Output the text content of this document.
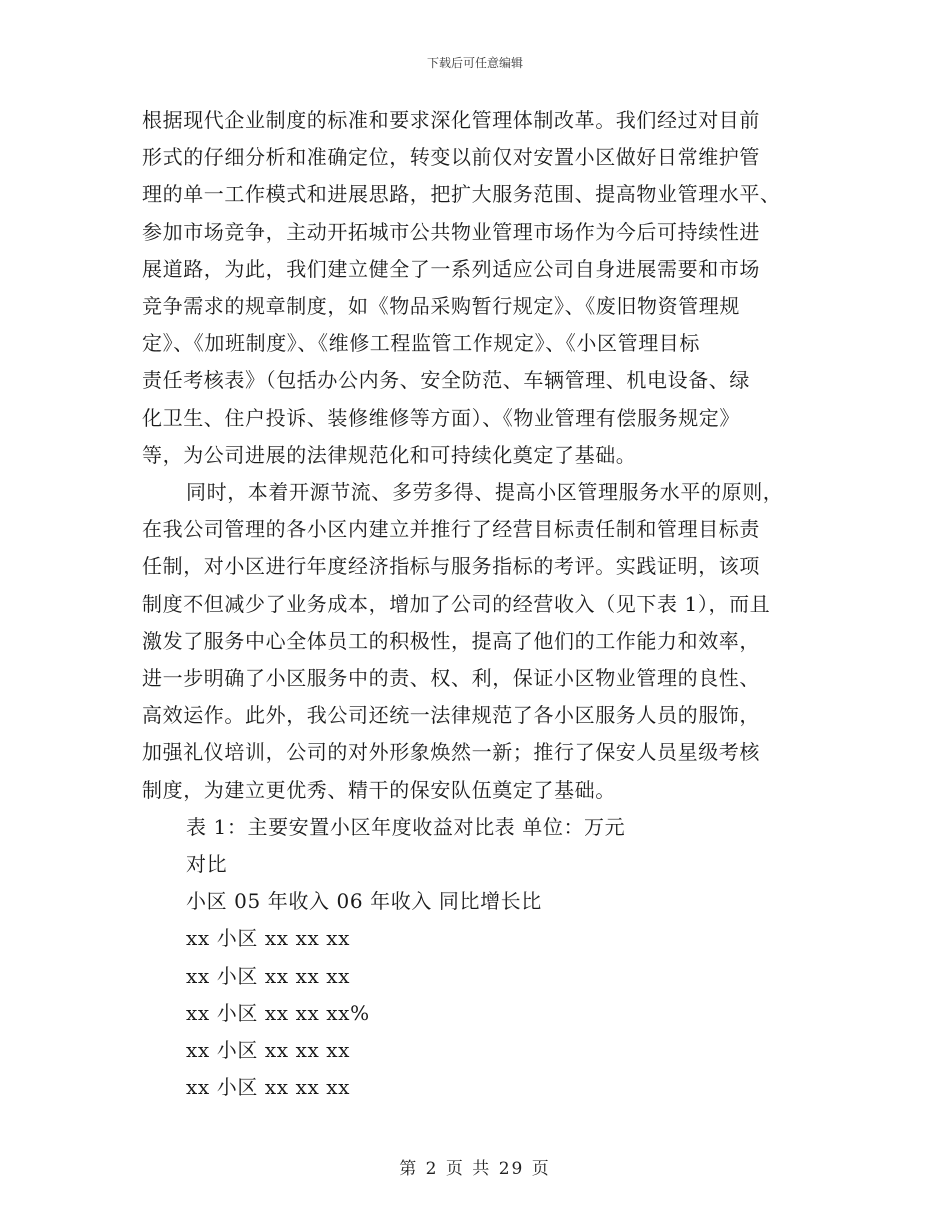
下载后可任意编辑

根据现代企业制度的标准和要求深化管理体制改革。我们经过对目前
形式的仔细分析和准确定位，转变以前仅对安置小区做好日常维护管
理的单一工作模式和进展思路，把扩大服务范围、提高物业管理水平、
参加市场竞争，主动开拓城市公共物业管理市场作为今后可持续性进
展道路，为此，我们建立健全了一系列适应公司自身进展需要和市场
竞争需求的规章制度，如《物品采购暂行规定》、《废旧物资管理规
定》、《加班制度》、《维修工程监管工作规定》、《小区管理目标
责任考核表》（包括办公内务、安全防范、车辆管理、机电设备、绿
化卫生、住户投诉、装修维修等方面）、《物业管理有偿服务规定》
等，为公司进展的法律规范化和可持续化奠定了基础。

同时，本着开源节流、多劳多得、提高小区管理服务水平的原则，
在我公司管理的各小区内建立并推行了经营目标责任制和管理目标责
任制，对小区进行年度经济指标与服务指标的考评。实践证明，该项
制度不但减少了业务成本，增加了公司的经营收入（见下表 1），而且
激发了服务中心全体员工的积极性，提高了他们的工作能力和效率，
进一步明确了小区服务中的责、权、利，保证小区物业管理的良性、
高效运作。此外，我公司还统一法律规范了各小区服务人员的服饰，
加强礼仪培训，公司的对外形象焕然一新；推行了保安人员星级考核
制度，为建立更优秀、精干的保安队伍奠定了基础。

表 1：主要安置小区年度收益对比表 单位：万元
对比
小区 05 年收入 06 年收入 同比增长比
xx 小区 xx xx xx
xx 小区 xx xx xx
xx 小区 xx xx xx%
xx 小区 xx xx xx
xx 小区 xx xx xx
第 2 页 共 29 页
